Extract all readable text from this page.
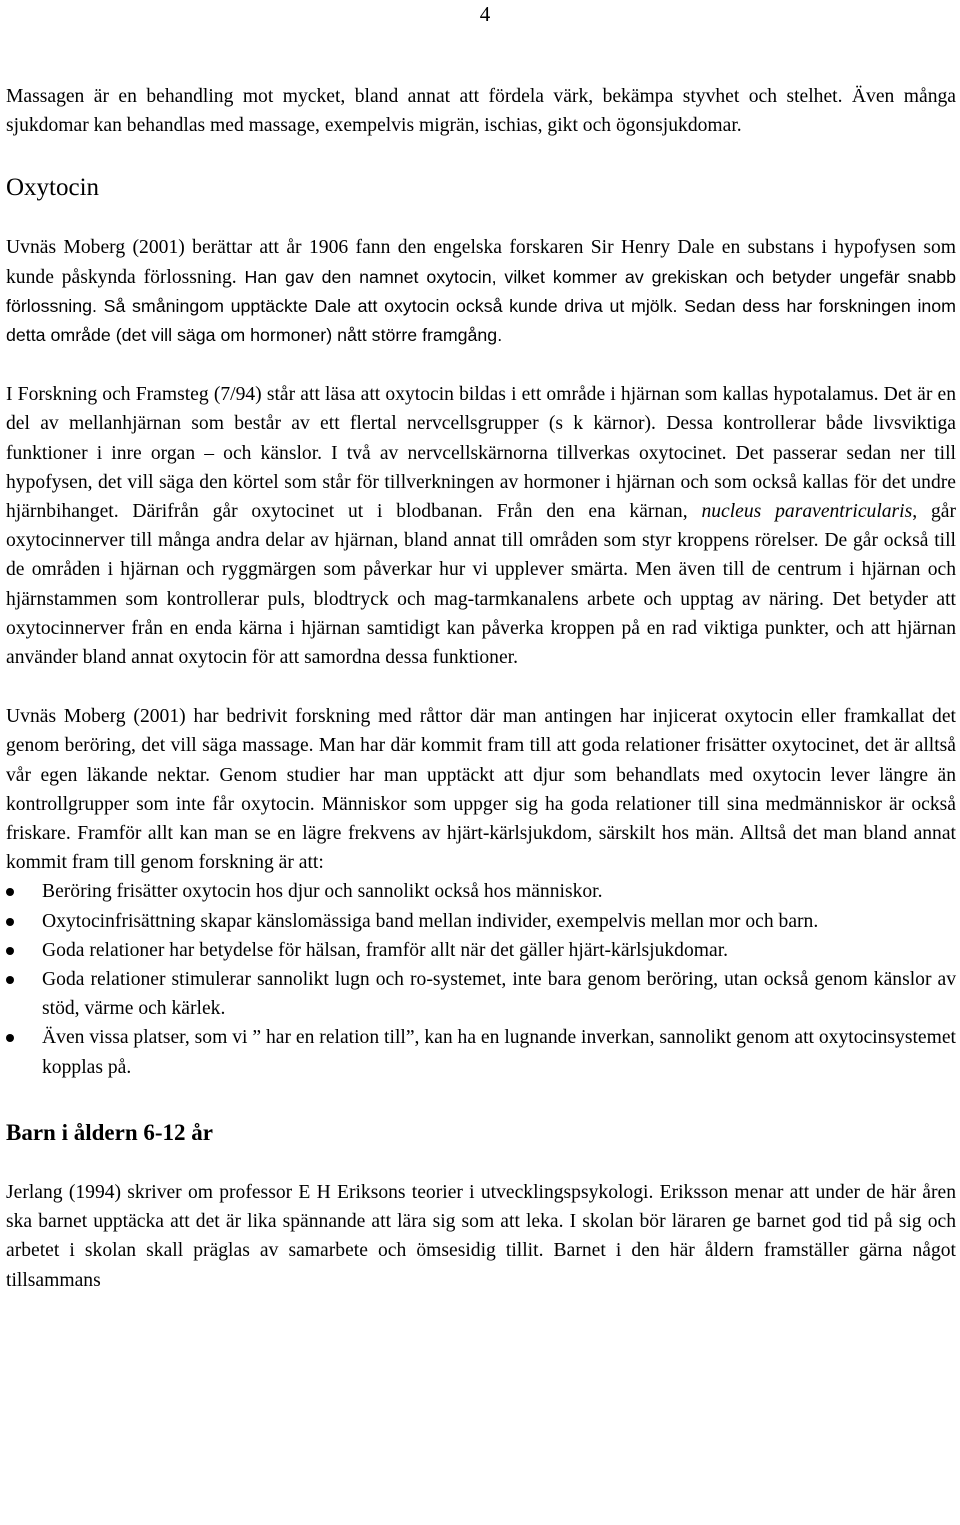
4

Massagen är en behandling mot mycket, bland annat att fördela värk, bekämpa styvhet och stelhet. Även många sjukdomar kan behandlas med massage, exempelvis migrän, ischias, gikt och ögonsjukdomar.

Oxytocin

Uvnäs Moberg (2001) berättar att år 1906 fann den engelska forskaren Sir Henry Dale en substans i hypofysen som kunde påskynda förlossning. Han gav den namnet oxytocin, vilket kommer av grekiskan och betyder ungefär snabb förlossning. Så småningom upptäckte Dale att oxytocin också kunde driva ut mjölk. Sedan dess har forskningen inom detta område (det vill säga om hormoner) nått större framgång.

I Forskning och Framsteg (7/94) står att läsa att oxytocin bildas i ett område i hjärnan som kallas hypotalamus. Det är en del av mellanhjärnan som består av ett flertal nervcellsgrupper (s k kärnor). Dessa kontrollerar både livsviktiga funktioner i inre organ – och känslor. I två av nervcellskärnorna tillverkas oxytocinet. Det passerar sedan ner till hypofysen, det vill säga den körtel som står för tillverkningen av hormoner i hjärnan och som också kallas för det undre hjärnbihanget. Därifrån går oxytocinet ut i blodbanan. Från den ena kärnan, nucleus paraventricularis, går oxytocinnerver till många andra delar av hjärnan, bland annat till områden som styr kroppens rörelser. De går också till de områden i hjärnan och ryggmärgen som påverkar hur vi upplever smärta. Men även till de centrum i hjärnan och hjärnstammen som kontrollerar puls, blodtryck och mag-tarmkanalens arbete och upptag av näring. Det betyder att oxytocinnerver från en enda kärna i hjärnan samtidigt kan påverka kroppen på en rad viktiga punkter, och att hjärnan använder bland annat oxytocin för att samordna dessa funktioner.

Uvnäs Moberg (2001) har bedrivit forskning med råttor där man antingen har injicerat oxytocin eller framkallat det genom beröring, det vill säga massage. Man har där kommit fram till att goda relationer frisätter oxytocinet, det är alltså vår egen läkande nektar. Genom studier har man upptäckt att djur som behandlats med oxytocin lever längre än kontrollgrupper som inte får oxytocin. Människor som uppger sig ha goda relationer till sina medmänniskor är också friskare. Framför allt kan man se en lägre frekvens av hjärt-kärlsjukdom, särskilt hos män. Alltså det man bland annat kommit fram till genom forskning är att:

Beröring frisätter oxytocin hos djur och sannolikt också hos människor.
Oxytocinfrisättning skapar känslomässiga band mellan individer, exempelvis mellan mor och barn.
Goda relationer har betydelse för hälsan, framför allt när det gäller hjärt-kärlsjukdomar.
Goda relationer stimulerar sannolikt lugn och ro-systemet, inte bara genom beröring, utan också genom känslor av stöd, värme och kärlek.
Även vissa platser, som vi ” har en relation till”, kan ha en lugnande inverkan, sannolikt genom att oxytocinsystemet kopplas på.
Barn i åldern 6-12 år

Jerlang (1994) skriver om professor E H Eriksons teorier i utvecklingspsykologi. Eriksson menar att under de här åren ska barnet upptäcka att det är lika spännande att lära sig som att leka. I skolan bör läraren ge barnet god tid på sig och arbetet i skolan skall präglas av samarbete och ömsesidig tillit. Barnet i den här åldern framställer gärna något tillsammans
